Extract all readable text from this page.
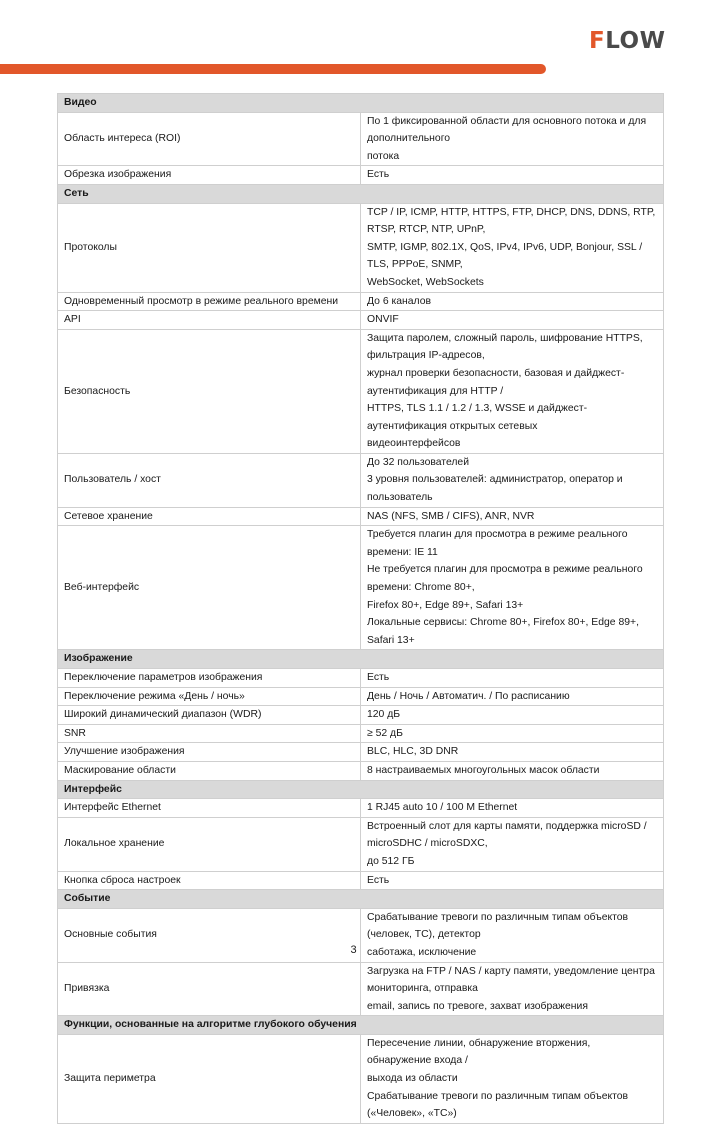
FLOW
Видео	
Область интереса (ROI)	По 1 фиксированной области для основного потока и для дополнительного
потока

Обрезка изображения	Есть

Сеть	
Протоколы	TCP / IP, ICMP, HTTP, HTTPS, FTP, DHCP, DNS, DDNS, RTP, RTSP, RTCP, NTP, UPnP,
SMTP, IGMP, 802.1X, QoS, IPv4, IPv6, UDP, Bonjour, SSL / TLS, PPPoE, SNMP,
WebSocket, WebSockets

Одновременный просмотр в режиме реального времени	До 6 каналов

API	ONVIF

Безопасность	Защита паролем, сложный пароль, шифрование HTTPS, фильтрация IP-адресов,
журнал проверки безопасности, базовая и дайджест-аутентификация для HTTP /
HTTPS, TLS 1.1 / 1.2 / 1.3, WSSE и дайджест-аутентификация открытых сетевых
видеоинтерфейсов

Пользователь / хост	До 32 пользователей
3 уровня пользователей: администратор, оператор и пользователь

Сетевое хранение	NAS (NFS, SMB / CIFS), ANR, NVR

Веб-интерфейс	Требуется плагин для просмотра в режиме реального времени: IE 11
Не требуется плагин для просмотра в режиме реального времени: Chrome 80+,
Firefox 80+, Edge 89+, Safari 13+
Локальные сервисы: Chrome 80+, Firefox 80+, Edge 89+, Safari 13+

Изображение	
Переключение параметров изображения	Есть

Переключение режима «День / ночь»	День / Ночь / Автоматич. / По расписанию

Широкий динамический диапазон (WDR)	120 дБ

SNR	≥ 52 дБ

Улучшение изображения	BLC, HLC, 3D DNR

Маскирование области	8 настраиваемых многоугольных масок области

Интерфейс	
Интерфейс Ethernet	1 RJ45 auto 10 / 100 M Ethernet

Локальное хранение	Встроенный слот для карты памяти, поддержка microSD / microSDHC / microSDXC,
до 512 ГБ

Кнопка сброса настроек	Есть

Событие	
Основные события	Срабатывание тревоги по различным типам объектов (человек, ТС), детектор
саботажа, исключение

Привязка	Загрузка на FTP / NAS / карту памяти, уведомление центра мониторинга, отправка
email, запись по тревоге, захват изображения

Функции, основанные на алгоритме глубокого обучения	
Защита периметра	Пересечение линии, обнаружение вторжения, обнаружение входа /
выхода из области
Срабатывание тревоги по различным типам объектов («Человек», «ТС»)
3
